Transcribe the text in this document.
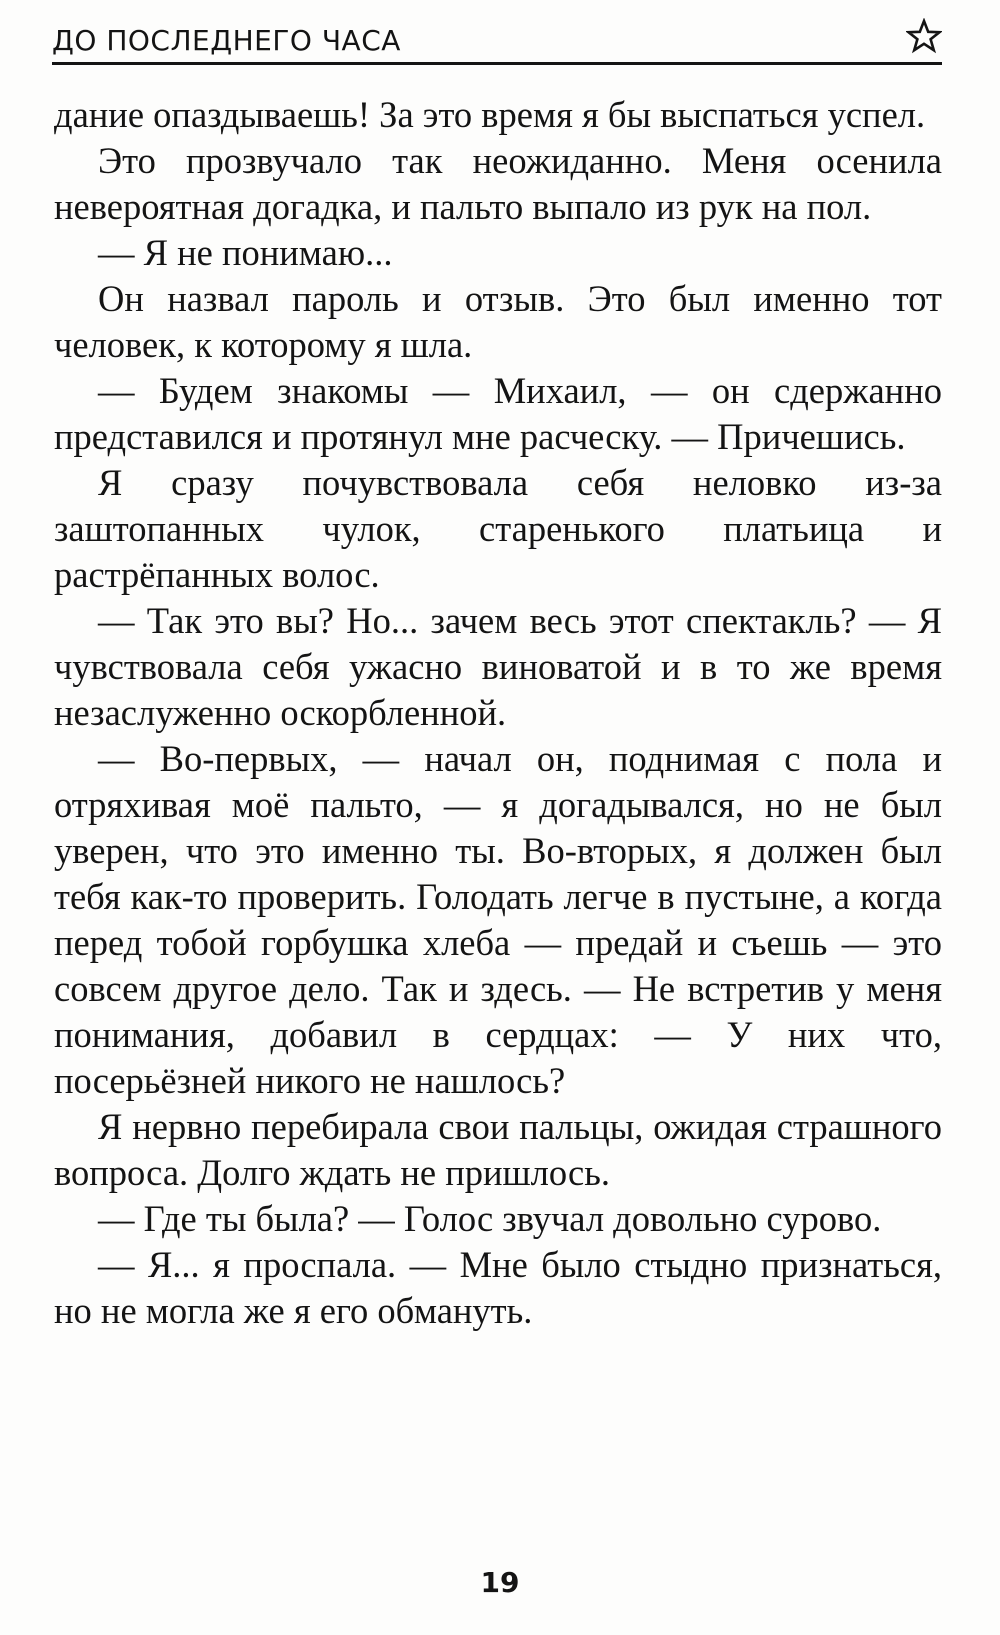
ДО ПОСЛЕДНЕГО ЧАСА

дание опаздываешь! За это время я бы выспаться успел.

Это прозвучало так неожиданно. Меня осенила невероятная догадка, и пальто выпало из рук на пол.

— Я не понимаю...

Он назвал пароль и отзыв. Это был именно тот человек, к которому я шла.

— Будем знакомы — Михаил, — он сдержанно представился и протянул мне расческу. — Причешись.

Я сразу почувствовала себя неловко из-за заштопанных чулок, старенького платьица и растрёпанных волос.

— Так это вы? Но... зачем весь этот спектакль? — Я чувствовала себя ужасно виноватой и в то же время незаслуженно оскорбленной.

— Во-первых, — начал он, поднимая с пола и отряхивая моё пальто, — я догадывался, но не был уверен, что это именно ты. Во-вторых, я должен был тебя как-то проверить. Голодать легче в пустыне, а когда перед тобой горбушка хлеба — предай и съешь — это совсем другое дело. Так и здесь. — Не встретив у меня понимания, добавил в сердцах: — У них что, посерьёзней никого не нашлось?

Я нервно перебирала свои пальцы, ожидая страшного вопроса. Долго ждать не пришлось.

— Где ты была? — Голос звучал довольно сурово.

— Я... я проспала. — Мне было стыдно признаться, но не могла же я его обмануть.

19
